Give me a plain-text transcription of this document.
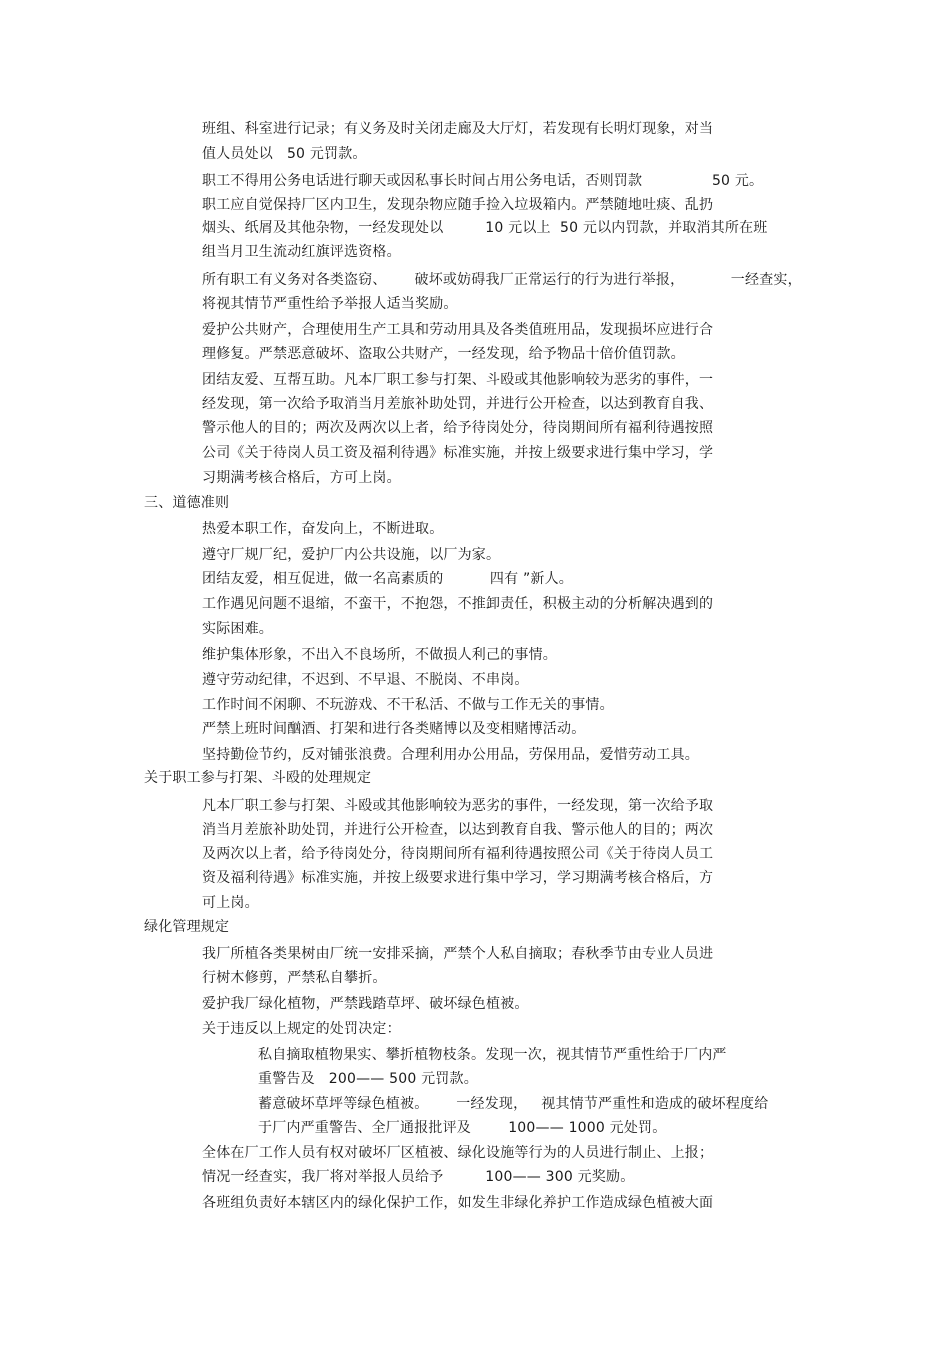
班组、科室进行记录；有义务及时关闭走廊及大厅灯，若发现有长明灯现象，对当
值人员处以   50 元罚款。
职工不得用公务电话进行聊天或因私事长时间占用公务电话，否则罚款               50 元。
职工应自觉保持厂区内卫生，发现杂物应随手捡入垃圾箱内。严禁随地吐痰、乱扔
烟头、纸屑及其他杂物，一经发现处以         10 元以上  50 元以内罚款，并取消其所在班
组当月卫生流动红旗评选资格。
所有职工有义务对各类盗窃、      破坏或妨碍我厂正常运行的行为进行举报，          一经查实，
将视其情节严重性给予举报人适当奖励。
爱护公共财产，合理使用生产工具和劳动用具及各类值班用品，发现损坏应进行合
理修复。严禁恶意破坏、盗取公共财产，一经发现，给予物品十倍价值罚款。
团结友爱、互帮互助。凡本厂职工参与打架、斗殴或其他影响较为恶劣的事件，一
经发现，第一次给予取消当月差旅补助处罚，并进行公开检查，以达到教育自我、
警示他人的目的；两次及两次以上者，给予待岗处分，待岗期间所有福利待遇按照
公司《关于待岗人员工资及福利待遇》标准实施，并按上级要求进行集中学习，学
习期满考核合格后，方可上岗。
三、道德准则
热爱本职工作，奋发向上，不断进取。
遵守厂规厂纪，爱护厂内公共设施，以厂为家。
团结友爱，相互促进，做一名高素质的          四有 ”新人。
工作遇见问题不退缩，不蛮干，不抱怨，不推卸责任，积极主动的分析解决遇到的
实际困难。
维护集体形象，不出入不良场所，不做损人利己的事情。
遵守劳动纪律，不迟到、不早退、不脱岗、不串岗。
工作时间不闲聊、不玩游戏、不干私活、不做与工作无关的事情。
严禁上班时间酗酒、打架和进行各类赌博以及变相赌博活动。
坚持勤俭节约，反对铺张浪费。合理利用办公用品，劳保用品，爱惜劳动工具。
关于职工参与打架、斗殴的处理规定
凡本厂职工参与打架、斗殴或其他影响较为恶劣的事件，一经发现，第一次给予取
消当月差旅补助处罚，并进行公开检查，以达到教育自我、警示他人的目的；两次
及两次以上者，给予待岗处分，待岗期间所有福利待遇按照公司《关于待岗人员工
资及福利待遇》标准实施，并按上级要求进行集中学习，学习期满考核合格后，方
可上岗。
绿化管理规定
我厂所植各类果树由厂统一安排采摘，严禁个人私自摘取；春秋季节由专业人员进
行树木修剪，严禁私自攀折。
爱护我厂绿化植物，严禁践踏草坪、破坏绿色植被。
关于违反以上规定的处罚决定：
私自摘取植物果实、攀折植物枝条。发现一次，视其情节严重性给于厂内严
重警告及   200—— 500 元罚款。
蓄意破坏草坪等绿色植被。      一经发现，   视其情节严重性和造成的破坏程度给
于厂内严重警告、全厂通报批评及        100—— 1000 元处罚。
全体在厂工作人员有权对破坏厂区植被、绿化设施等行为的人员进行制止、上报；
情况一经查实，我厂将对举报人员给予         100—— 300 元奖励。
各班组负责好本辖区内的绿化保护工作，如发生非绿化养护工作造成绿色植被大面
